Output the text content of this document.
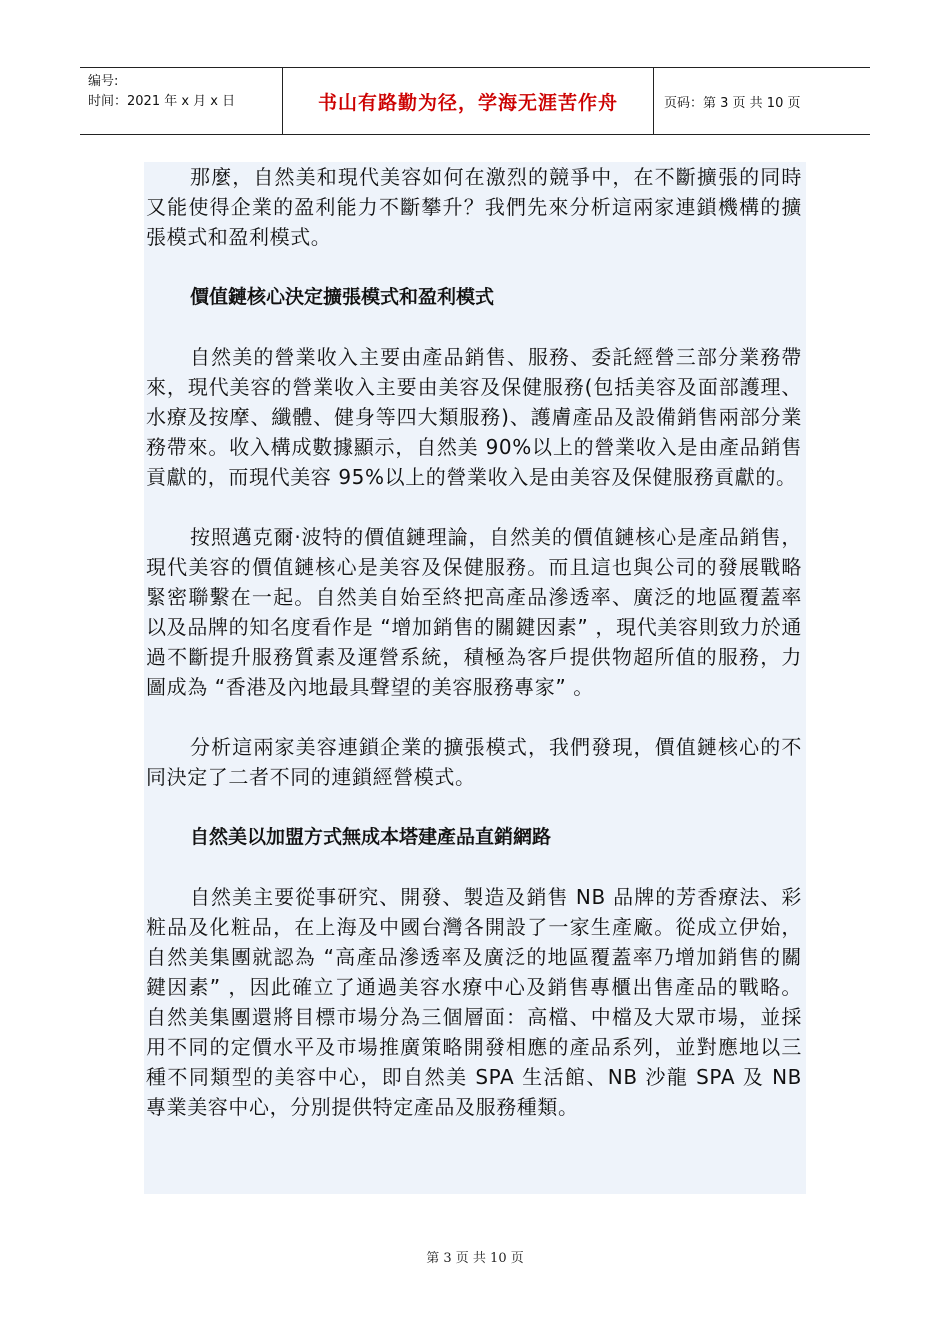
编号:
时间：2021 年 x 月 x 日	书山有路勤为径，学海无涯苦作舟	页码：第 3 页 共 10 页

那麼，自然美和現代美容如何在激烈的競爭中，在不斷擴張的同時又能使得企業的盈利能力不斷攀升？我們先來分析這兩家連鎖機構的擴張模式和盈利模式。

價值鏈核心決定擴張模式和盈利模式

自然美的營業收入主要由產品銷售、服務、委託經營三部分業務帶來，現代美容的營業收入主要由美容及保健服務(包括美容及面部護理、水療及按摩、纖體、健身等四大類服務)、護膚產品及設備銷售兩部分業務帶來。收入構成數據顯示，自然美 90%以上的營業收入是由產品銷售貢獻的，而現代美容 95%以上的營業收入是由美容及保健服務貢獻的。

按照邁克爾·波特的價值鏈理論，自然美的價值鏈核心是產品銷售，現代美容的價值鏈核心是美容及保健服務。而且這也與公司的發展戰略緊密聯繫在一起。自然美自始至終把高產品滲透率、廣泛的地區覆蓋率以及品牌的知名度看作是 “增加銷售的關鍵因素” ，現代美容則致力於通過不斷提升服務質素及運營系統，積極為客戶提供物超所值的服務，力圖成為 “香港及內地最具聲望的美容服務專家” 。

分析這兩家美容連鎖企業的擴張模式，我們發現，價值鏈核心的不同決定了二者不同的連鎖經營模式。

自然美以加盟方式無成本塔建產品直銷網路

自然美主要從事研究、開發、製造及銷售 NB 品牌的芳香療法、彩粧品及化粧品，在上海及中國台灣各開設了一家生產廠。從成立伊始，自然美集團就認為 “高產品滲透率及廣泛的地區覆蓋率乃增加銷售的關鍵因素” ，因此確立了通過美容水療中心及銷售專櫃出售產品的戰略。自然美集團還將目標市場分為三個層面：高檔、中檔及大眾市場，並採用不同的定價水平及市場推廣策略開發相應的產品系列，並對應地以三種不同類型的美容中心，即自然美 SPA 生活館、NB 沙龍 SPA 及 NB 專業美容中心，分別提供特定產品及服務種類。

第 3 页 共 10 页
